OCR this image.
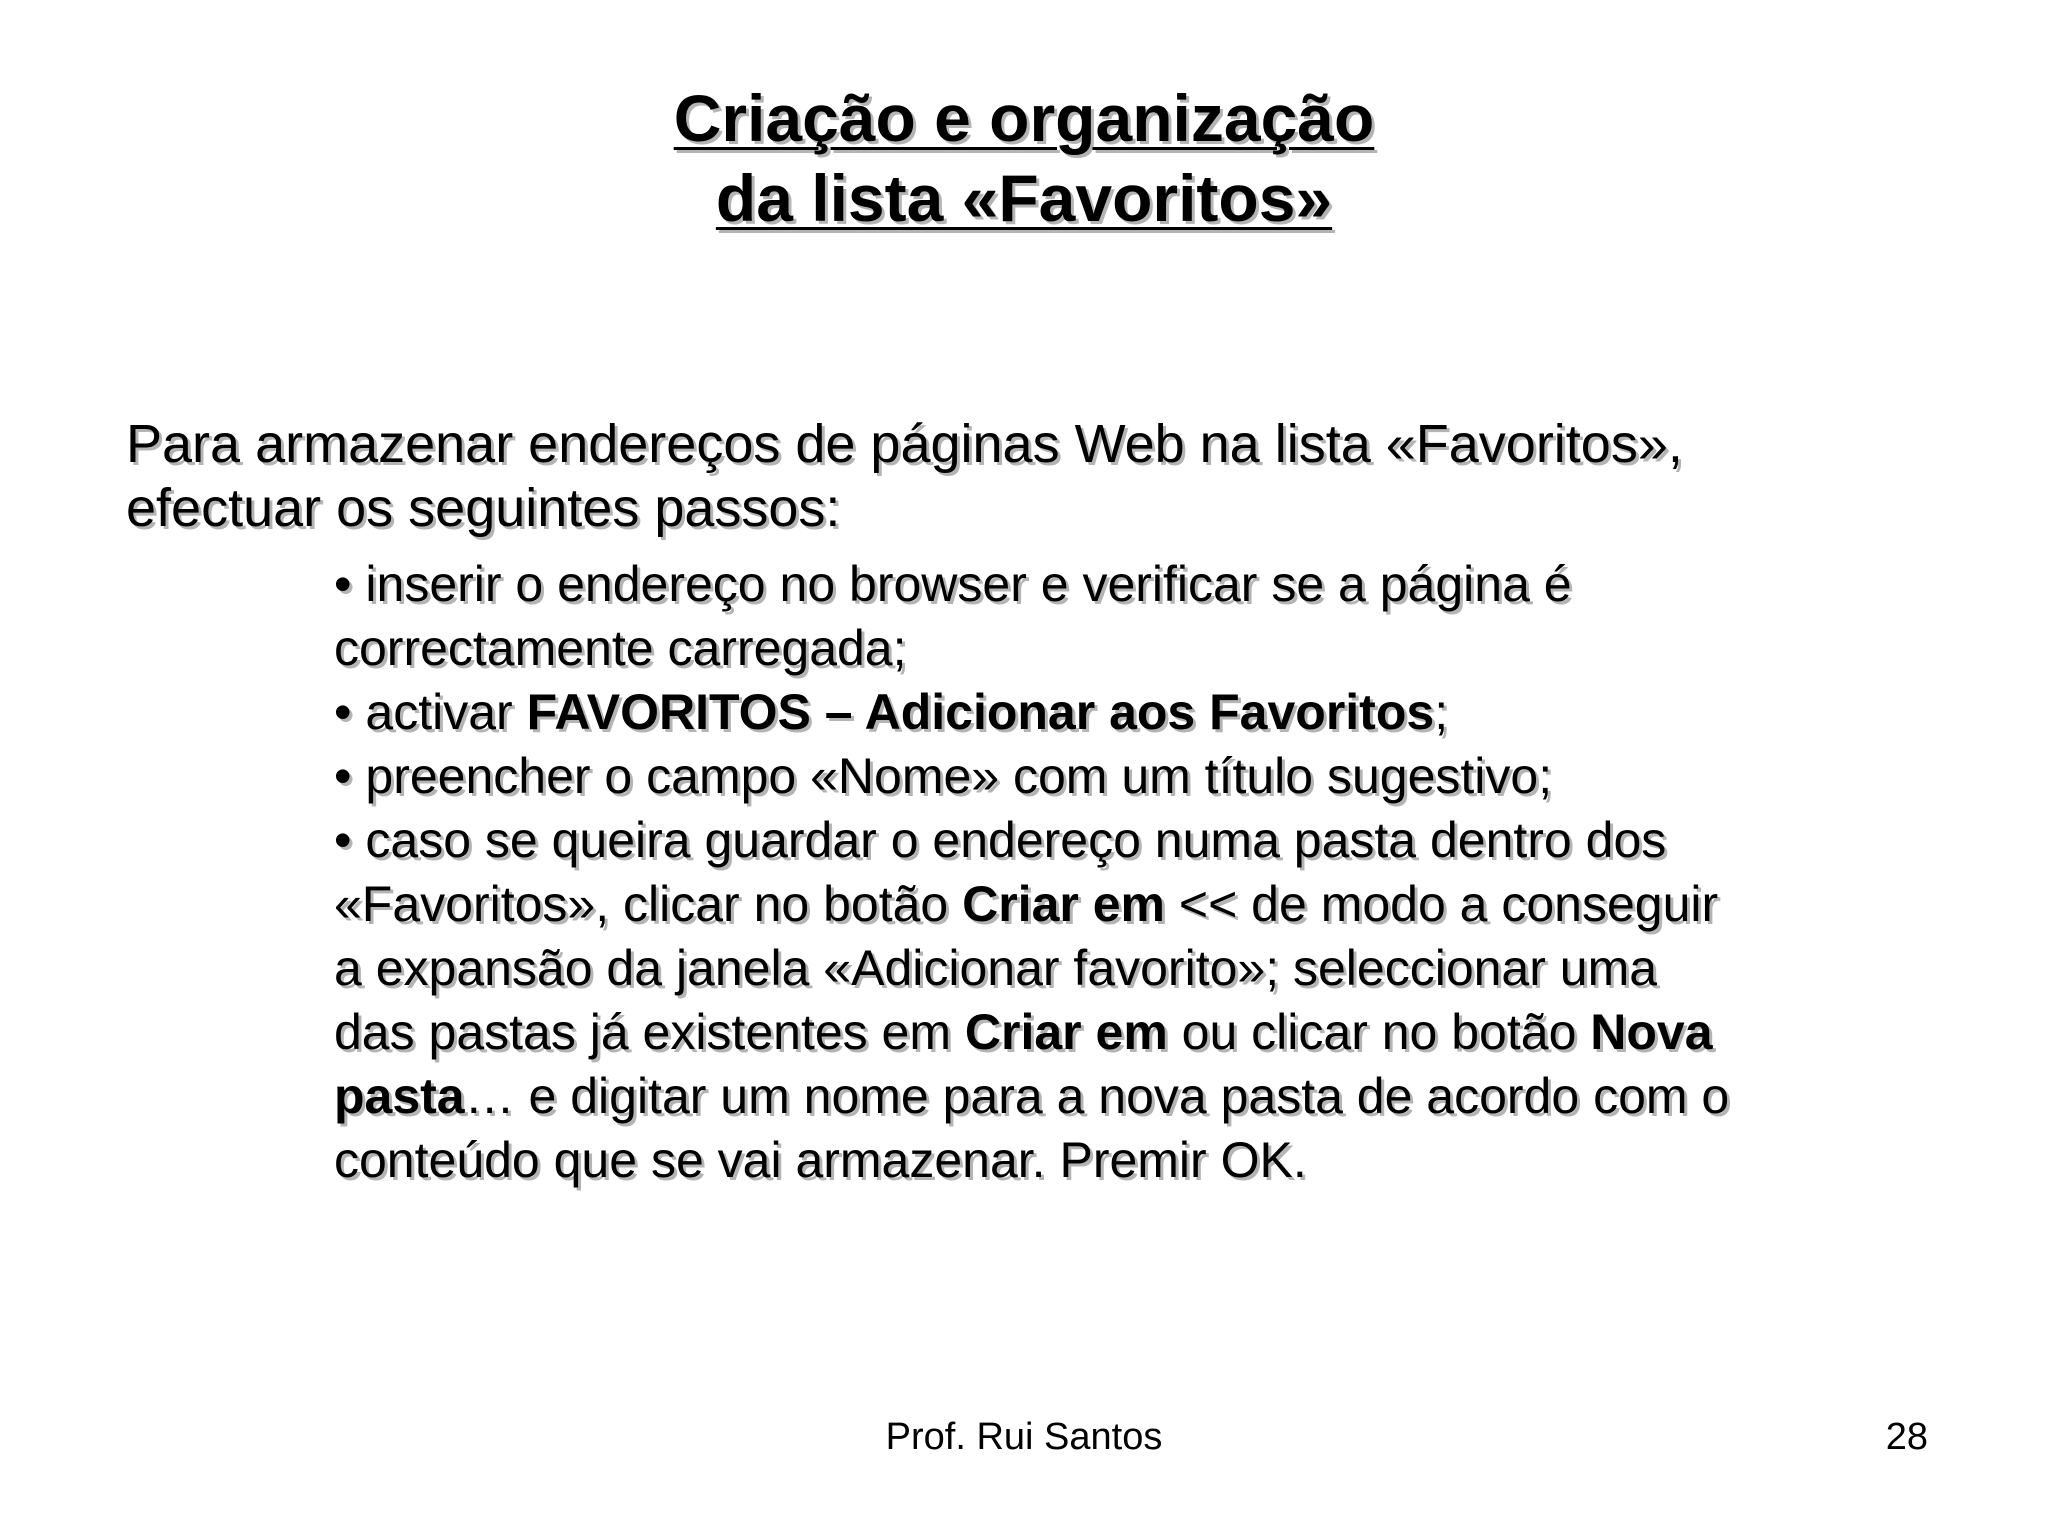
Criação e organização
da lista «Favoritos»
Para armazenar endereços de páginas Web na lista «Favoritos»,
efectuar os seguintes passos:
• inserir o endereço no browser e verificar se a página é
correctamente carregada;
• activar FAVORITOS – Adicionar aos Favoritos;
• preencher o campo «Nome» com um título sugestivo;
• caso se queira guardar o endereço numa pasta dentro dos
«Favoritos», clicar no botão Criar em << de modo a conseguir
a expansão da janela «Adicionar favorito»; seleccionar uma
das pastas já existentes em Criar em ou clicar no botão Nova
pasta… e digitar um nome para a nova pasta de acordo com o
conteúdo que se vai armazenar. Premir OK.
Prof. Rui Santos	28
